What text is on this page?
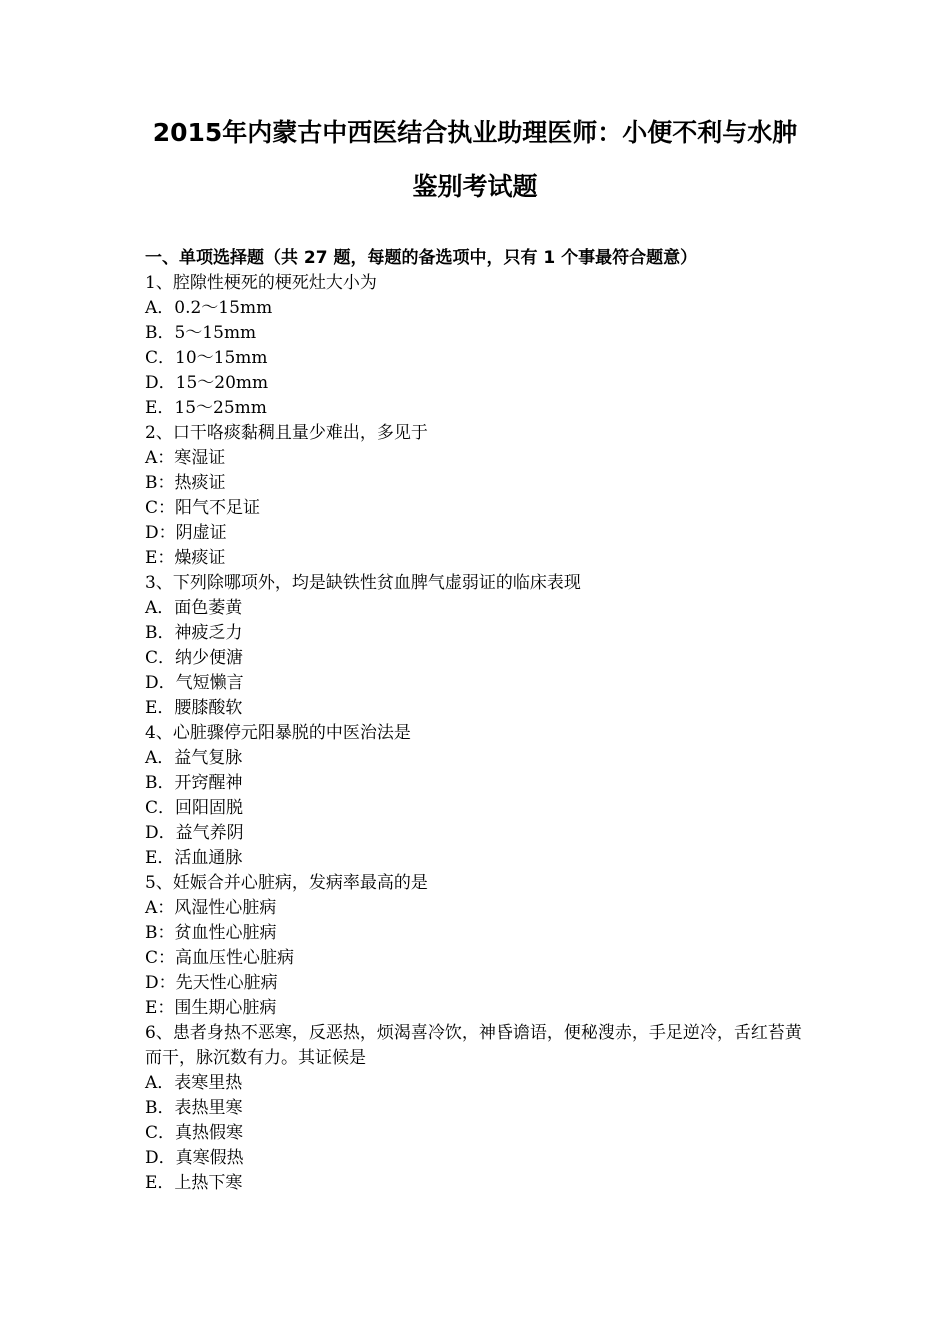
2015年内蒙古中西医结合执业助理医师：小便不利与水肿
鉴别考试题
一、单项选择题（共 27 题，每题的备选项中，只有 1 个事最符合题意）
1、腔隙性梗死的梗死灶大小为
A．0.2～15mm
B．5～15mm
C．10～15mm
D．15～20mm
E．15～25mm
2、口干咯痰黏稠且量少难出，多见于
A：寒湿证
B：热痰证
C：阳气不足证
D：阴虚证
E：燥痰证
3、下列除哪项外，均是缺铁性贫血脾气虚弱证的临床表现
A．面色萎黄
B．神疲乏力
C．纳少便溏
D．气短懒言
E．腰膝酸软
4、心脏骤停元阳暴脱的中医治法是
A．益气复脉
B．开窍醒神
C．回阳固脱
D．益气养阴
E．活血通脉
5、妊娠合并心脏病，发病率最高的是
A：风湿性心脏病
B：贫血性心脏病
C：高血压性心脏病
D：先天性心脏病
E：围生期心脏病
6、患者身热不恶寒，反恶热，烦渴喜冷饮，神昏谵语，便秘溲赤，手足逆冷，舌红苔黄而干，脉沉数有力。其证候是
A．表寒里热
B．表热里寒
C．真热假寒
D．真寒假热
E．上热下寒
